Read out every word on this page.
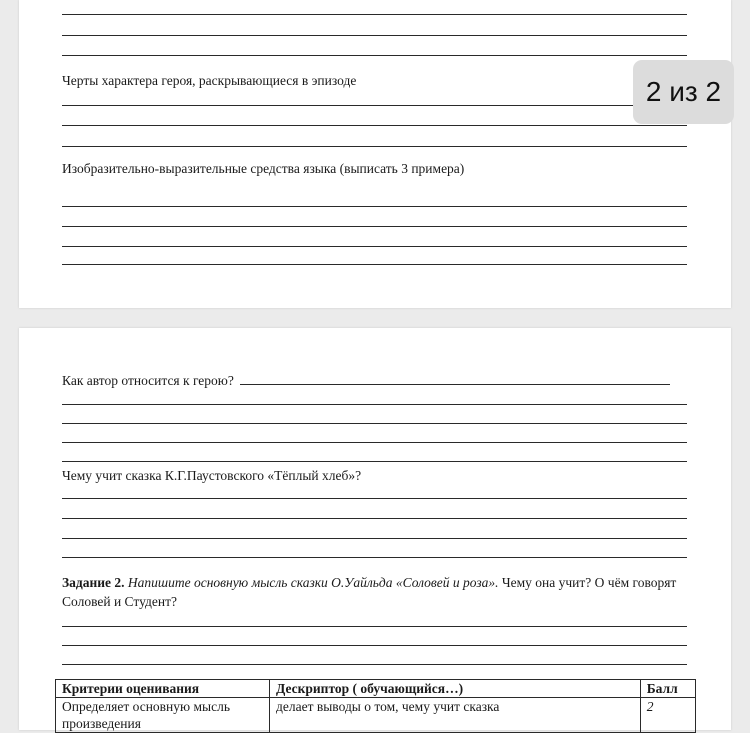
Черты характера героя, раскрывающиеся в эпизоде
Изобразительно-выразительные средства языка (выписать 3 примера)
Как автор относится к герою?
Чему учит сказка К.Г.Паустовского «Тёплый хлеб»?
Задание 2. Напишите основную мысль сказки О.Уайльда «Соловей и роза». Чему она учит? О чём говорят Соловей и Студент?
Критерии оценивания	Дескриптор ( обучающийся…)	Балл
Определяет основную мысль произведения	делает выводы о том, чему учит сказка	2
2 из 2
